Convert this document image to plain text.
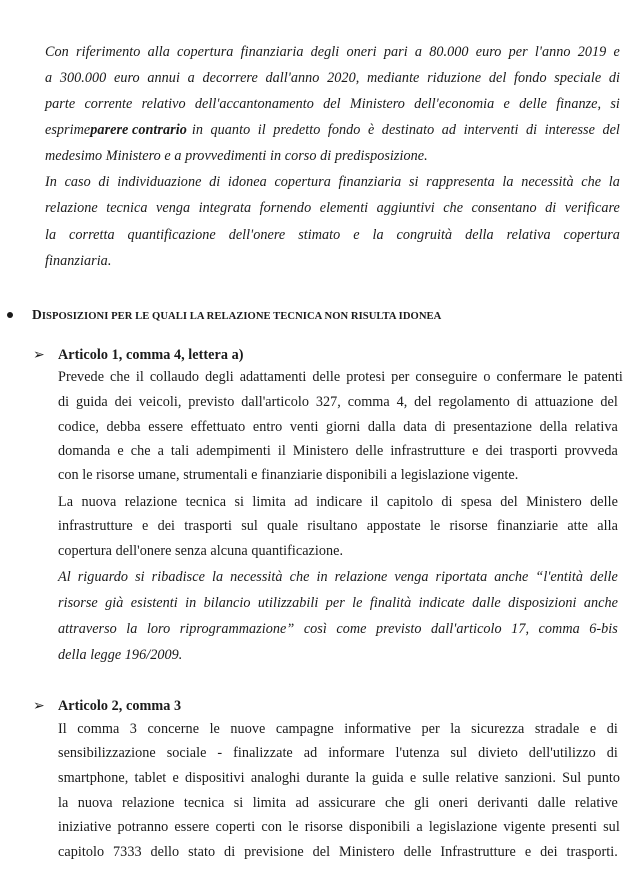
Con riferimento alla copertura finanziaria degli oneri pari a 80.000 euro per l'anno 2019 e
a 300.000 euro annui a decorrere dall'anno 2020, mediante riduzione del fondo speciale di
parte corrente relativo dell'accantonamento del Ministero dell'economia e delle finanze, si
esprime parere contrario in quanto il predetto fondo è destinato ad interventi di interesse del
medesimo Ministero e a provvedimenti in corso di predisposizione.
In caso di individuazione di idonea copertura finanziaria si rappresenta la necessità che la
relazione tecnica venga integrata fornendo elementi aggiuntivi che consentano di verificare
la corretta quantificazione dell'onere stimato e la congruità della relativa copertura
finanziaria.
DISPOSIZIONI PER LE QUALI LA RELAZIONE TECNICA NON RISULTA IDONEA
➢ Articolo 1, comma 4, lettera a)
Prevede che il collaudo degli adattamenti delle protesi per conseguire o confermare le patenti
di guida dei veicoli, previsto dall'articolo 327, comma 4, del regolamento di attuazione del
codice, debba essere effettuato entro venti giorni dalla data di presentazione della relativa
domanda e che a tali adempimenti il Ministero delle infrastrutture e dei trasporti provveda
con le risorse umane, strumentali e finanziarie disponibili a legislazione vigente.
La nuova relazione tecnica si limita ad indicare il capitolo di spesa del Ministero delle
infrastrutture e dei trasporti sul quale risultano appostate le risorse finanziarie atte alla
copertura dell'onere senza alcuna quantificazione.
Al riguardo si ribadisce la necessità che in relazione venga riportata anche “l'entità delle
risorse già esistenti in bilancio utilizzabili per le finalità indicate dalle disposizioni anche
attraverso la loro riprogrammazione” così come previsto dall'articolo 17, comma 6-bis
della legge 196/2009.
➢ Articolo 2, comma 3
Il comma 3 concerne le nuove campagne informative per la sicurezza stradale e di
sensibilizzazione sociale - finalizzate ad informare l'utenza sul divieto dell'utilizzo di
smartphone, tablet e dispositivi analoghi durante la guida e sulle relative sanzioni. Sul punto
la nuova relazione tecnica si limita ad assicurare che gli oneri derivanti dalle relative
iniziative potranno essere coperti con le risorse disponibili a legislazione vigente presenti sul
capitolo 7333 dello stato di previsione del Ministero delle Infrastrutture e dei trasporti.
